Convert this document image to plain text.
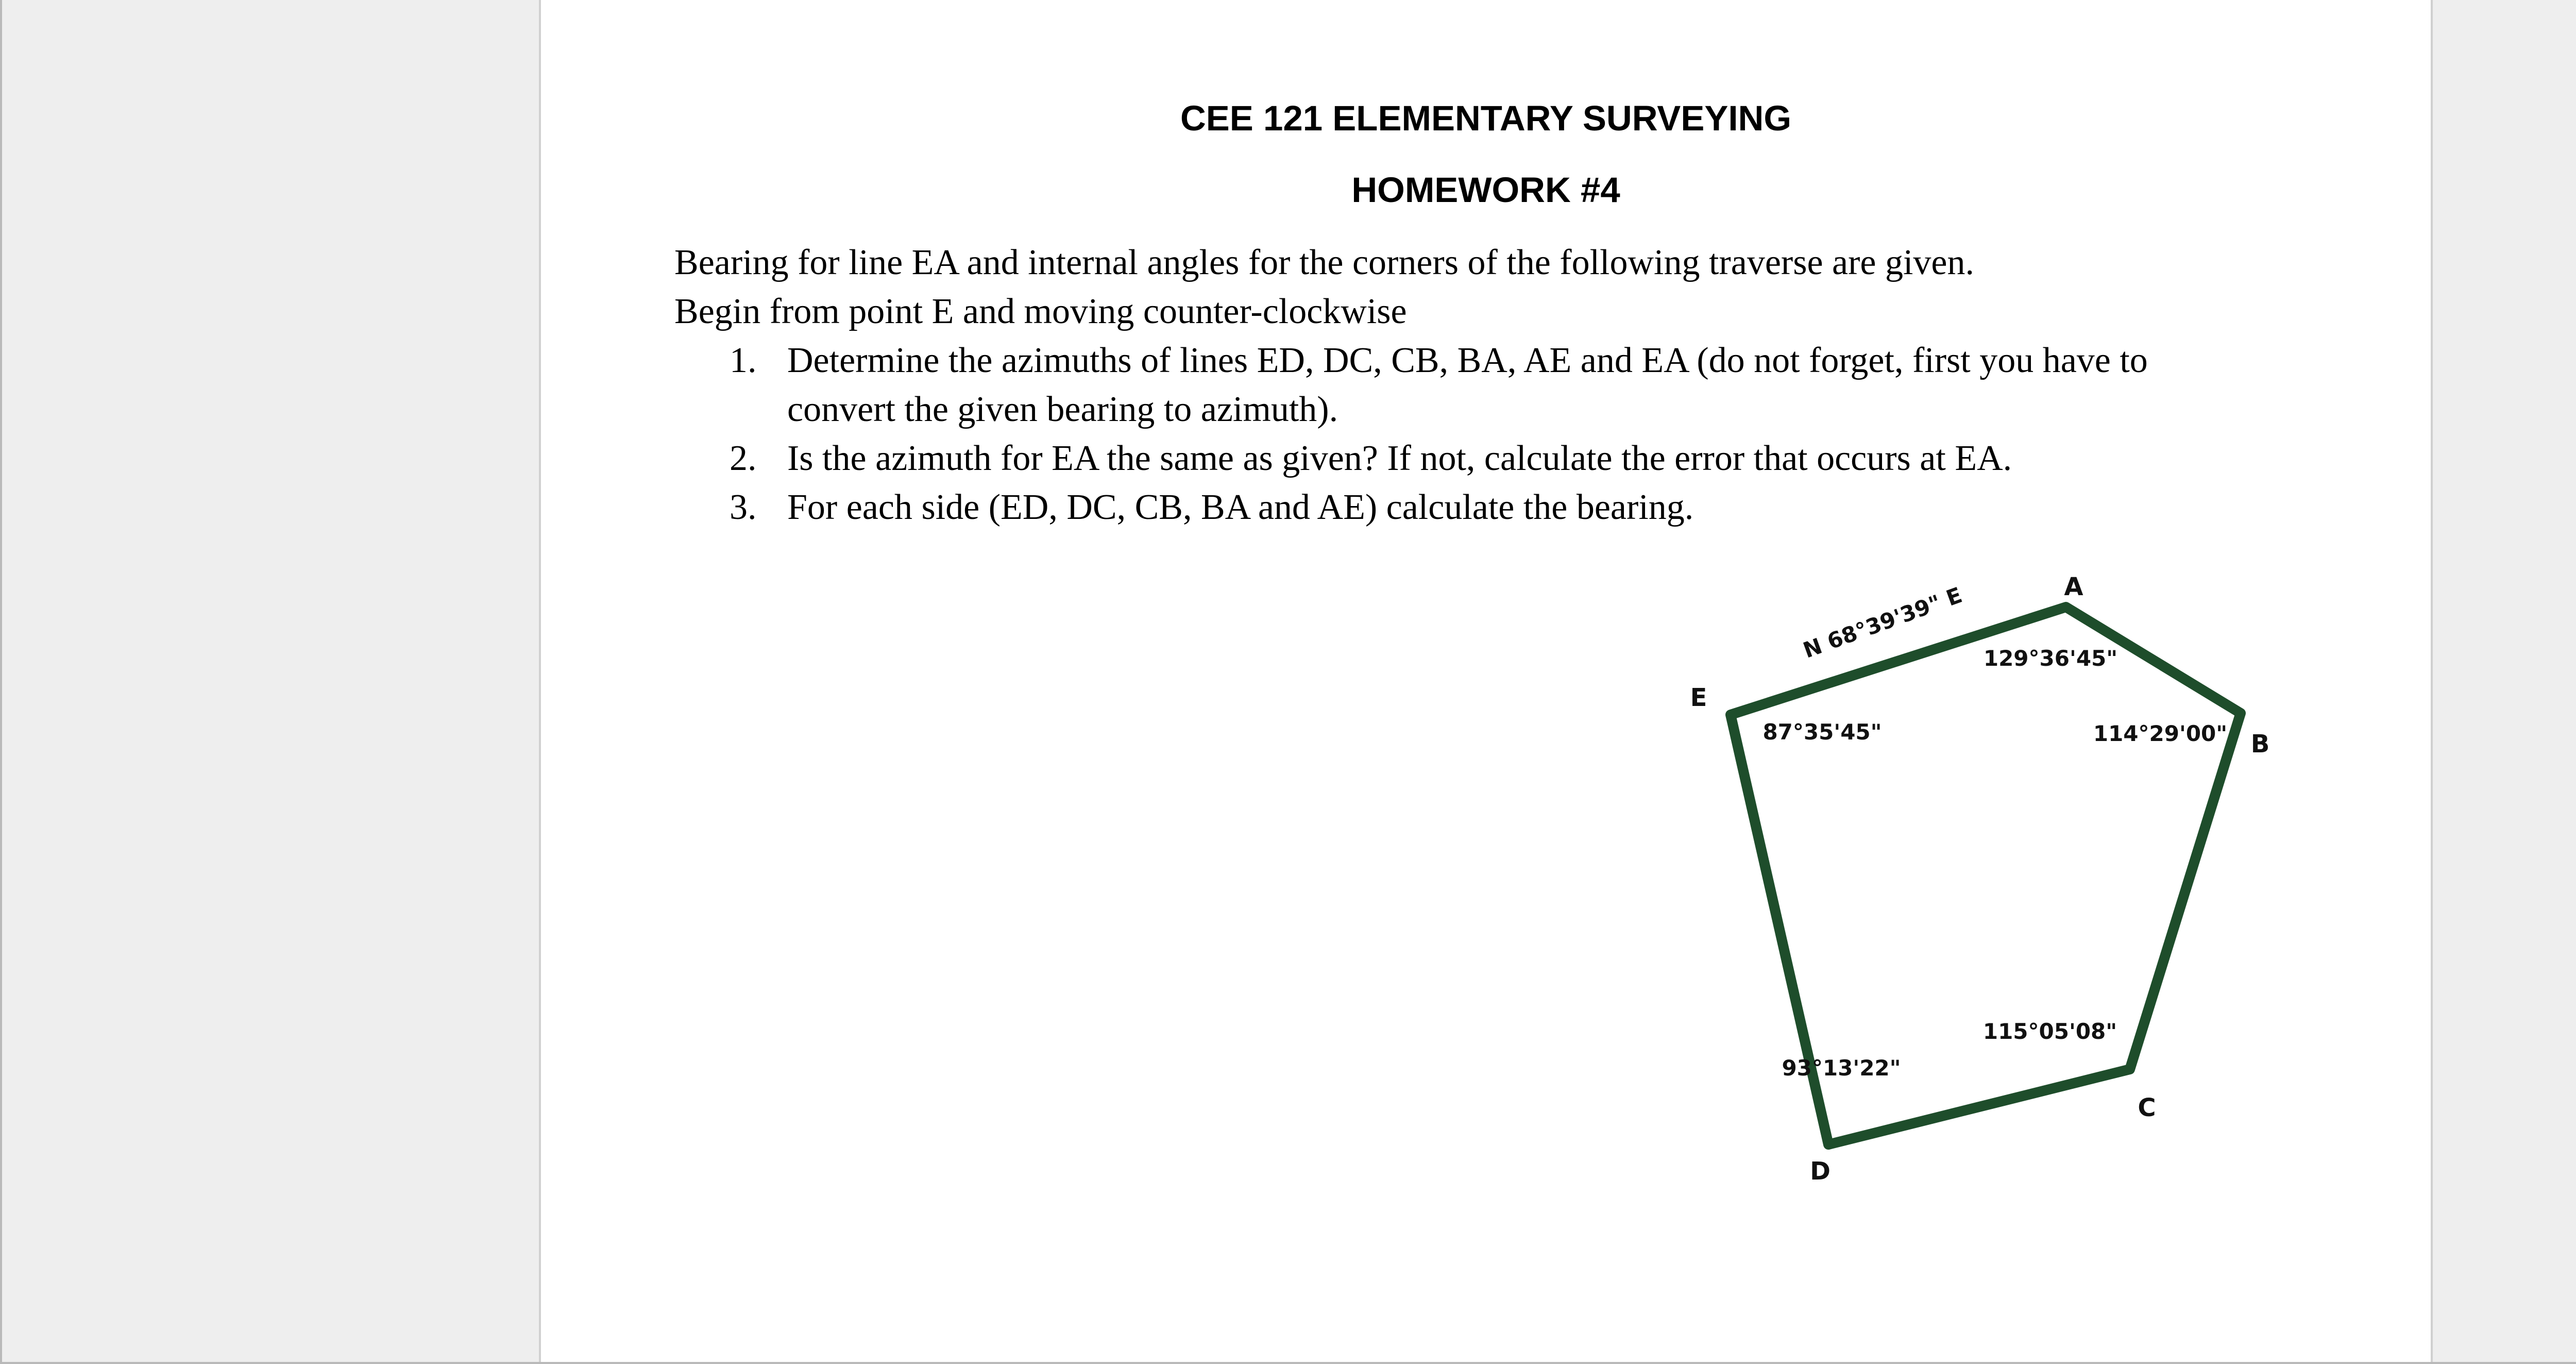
CEE 121 ELEMENTARY SURVEYING
HOMEWORK #4

Bearing for line EA and internal angles for the corners of the following traverse are given.

Begin from point E and moving counter-clockwise

1. Determine the azimuths of lines ED, DC, CB, BA, AE and EA (do not forget, first you have to
convert the given bearing to azimuth).
2. Is the azimuth for EA the same as given? If not, calculate the error that occurs at EA.
3. For each side (ED, DC, CB, BA and AE) calculate the bearing.
N 68°39'39" E	A
B
C
D
E
129°36'45"
114°29'00"
115°05'08"
93°13'22"
87°35'45"
